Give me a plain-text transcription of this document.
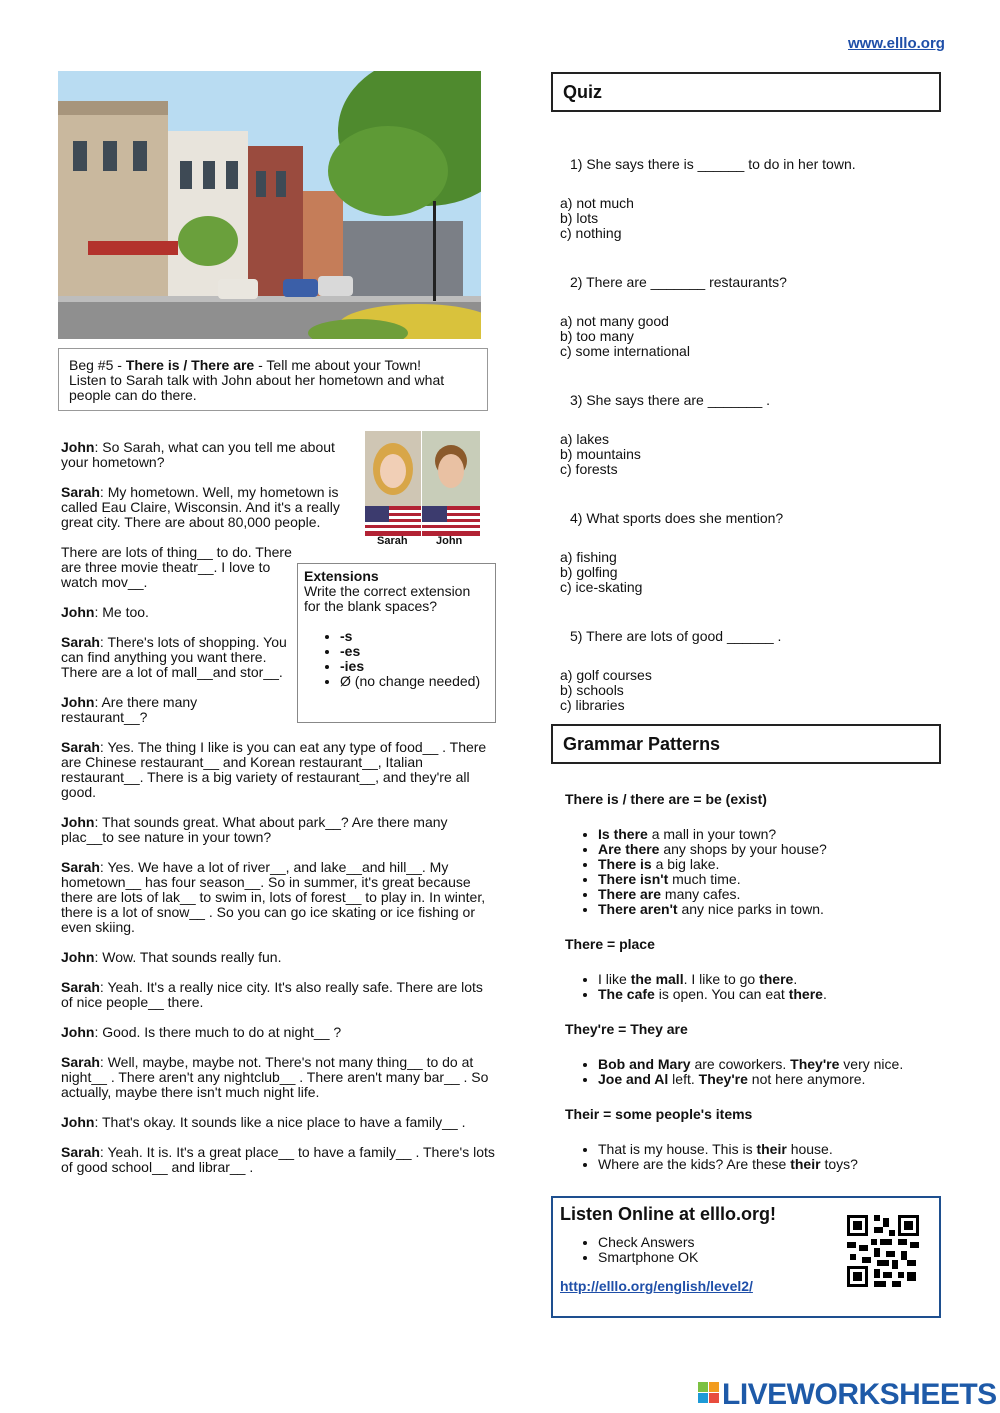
www.elllo.org
Beg #5 - There is / There are - Tell me about your Town!
Listen to Sarah talk with John about her hometown and what people can do there.
Sarah	John

John: So Sarah, what can you tell me about your hometown?

Sarah: My hometown. Well, my hometown is called Eau Claire, Wisconsin. And it's a really great city. There are about 80,000 people.

There are lots of thing__ to do. There are three movie theatr__. I love to watch mov__.

John: Me too.

Sarah: There's lots of shopping. You can find anything you want there. There are a lot of mall__and stor__.

John: Are there many restaurant__?

Sarah: Yes. The thing I like is you can eat any type of food__ . There are Chinese restaurant__ and Korean restaurant__, Italian restaurant__. There is a big variety of restaurant__, and they're all good.

John: That sounds great. What about park__? Are there many plac__to see nature in your town?

Sarah: Yes. We have a lot of river__, and lake__and hill__. My hometown__ has four season__. So in summer, it's great because there are lots of lak__ to swim in, lots of forest__ to play in. In winter, there is a lot of snow__ . So you can go ice skating or ice fishing or even skiing.

John: Wow. That sounds really fun.

Sarah: Yeah. It's a really nice city. It's also really safe. There are lots of nice people__ there.

John: Good. Is there much to do at night__ ?

Sarah: Well, maybe, maybe not. There's not many thing__ to do at night__ . There aren't any nightclub__ . There aren't many bar__ . So actually, maybe there isn't much night life.

John: That's okay. It sounds like a nice place to have a family__ .

Sarah: Yeah. It is. It's a great place__ to have a family__ . There's lots of good school__ and librar__ .

Extensions
Write the correct extension for the blank spaces?
• -s
• -es
• -ies
• Ø (no change needed)
Quiz
1) She says there is ______ to do in her town.
a) not much
b) lots
c) nothing
2) There are _______ restaurants?
a) not many good
b) too many
c) some international
3) She says there are _______ .
a) lakes
b) mountains
c) forests
4) What sports does she mention?
a) fishing
b) golfing
c) ice-skating
5) There are lots of good ______ .
a) golf courses
b) schools
c) libraries
Grammar Patterns
There is / there are = be (exist)
• Is there a mall in your town?
• Are there any shops by your house?
• There is a big lake.
• There isn't much time.
• There are many cafes.
• There aren't any nice parks in town.
There = place
• I like the mall. I like to go there.
• The cafe is open. You can eat there.
They're = They are
• Bob and Mary are coworkers. They're very nice.
• Joe and Al left. They're not here anymore.
Their = some people's items
• That is my house. This is their house.
• Where are the kids? Are these their toys?
Listen Online at elllo.org!
• Check Answers
• Smartphone OK
http://elllo.org/english/level2/
LIVEWORKSHEETS
